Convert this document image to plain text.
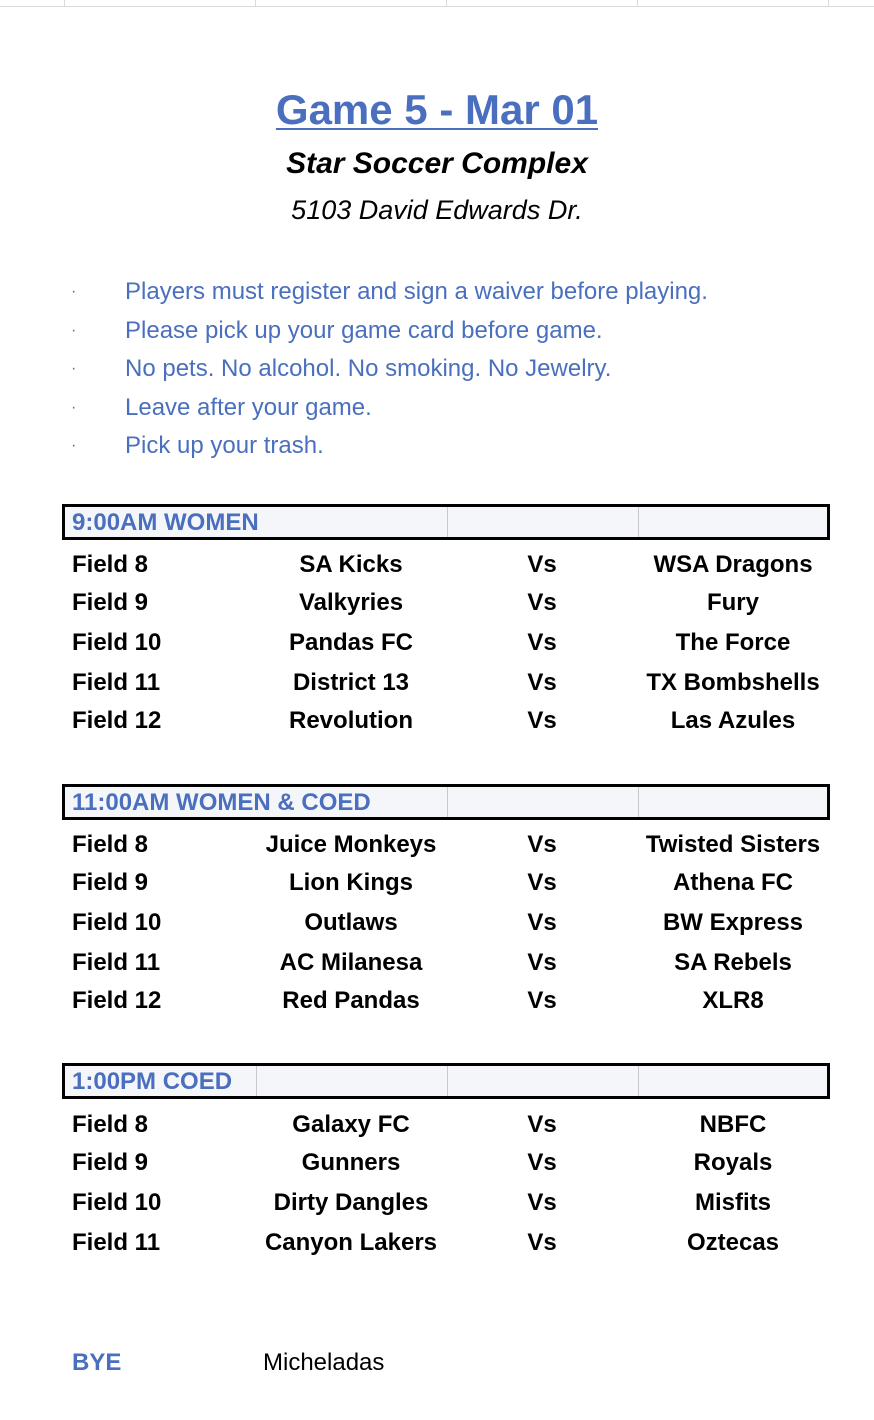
Game 5 - Mar 01

Star Soccer Complex

5103 David Edwards Dr.

· Players must register and sign a waiver before playing.
· Please pick up your game card before game.
· No pets. No alcohol. No smoking. No Jewelry.
· Leave after your game.
· Pick up your trash.
9:00AM WOMEN
Field 8	SA Kicks	Vs	WSA Dragons
Field 9	Valkyries	Vs	Fury
Field 10	Pandas FC	Vs	The Force
Field 11	District 13	Vs	TX Bombshells
Field 12	Revolution	Vs	Las Azules
11:00AM WOMEN & COED
Field 8	Juice Monkeys	Vs	Twisted Sisters
Field 9	Lion Kings	Vs	Athena FC
Field 10	Outlaws	Vs	BW Express
Field 11	AC Milanesa	Vs	SA Rebels
Field 12	Red Pandas	Vs	XLR8
1:00PM COED
Field 8	Galaxy FC	Vs	NBFC
Field 9	Gunners	Vs	Royals
Field 10	Dirty Dangles	Vs	Misfits
Field 11	Canyon Lakers	Vs	Oztecas
BYE	Micheladas
